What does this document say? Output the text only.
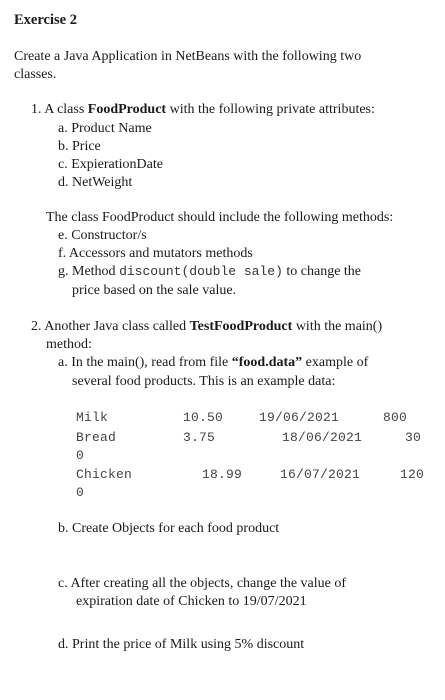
Exercise 2
Create a Java Application in NetBeans with the following two
classes.
1. A class FoodProduct with the following private attributes:
a. Product Name
b. Price
c. ExpierationDate
d. NetWeight
The class FoodProduct should include the following methods:
e. Constructor/s
f. Accessors and mutators methods
g. Method discount(double sale) to change the
price based on the sale value.
2. Another Java class called TestFoodProduct with the main()
method:
a. In the main(), read from file “food.data” example of
several food products. This is an example data:
Milk	10.50	19/06/2021	800
Bread	3.75	18/06/2021	30
0
Chicken	18.99	16/07/2021	120
0
b. Create Objects for each food product
c. After creating all the objects, change the value of
expiration date of Chicken to 19/07/2021
d. Print the price of Milk using 5% discount
